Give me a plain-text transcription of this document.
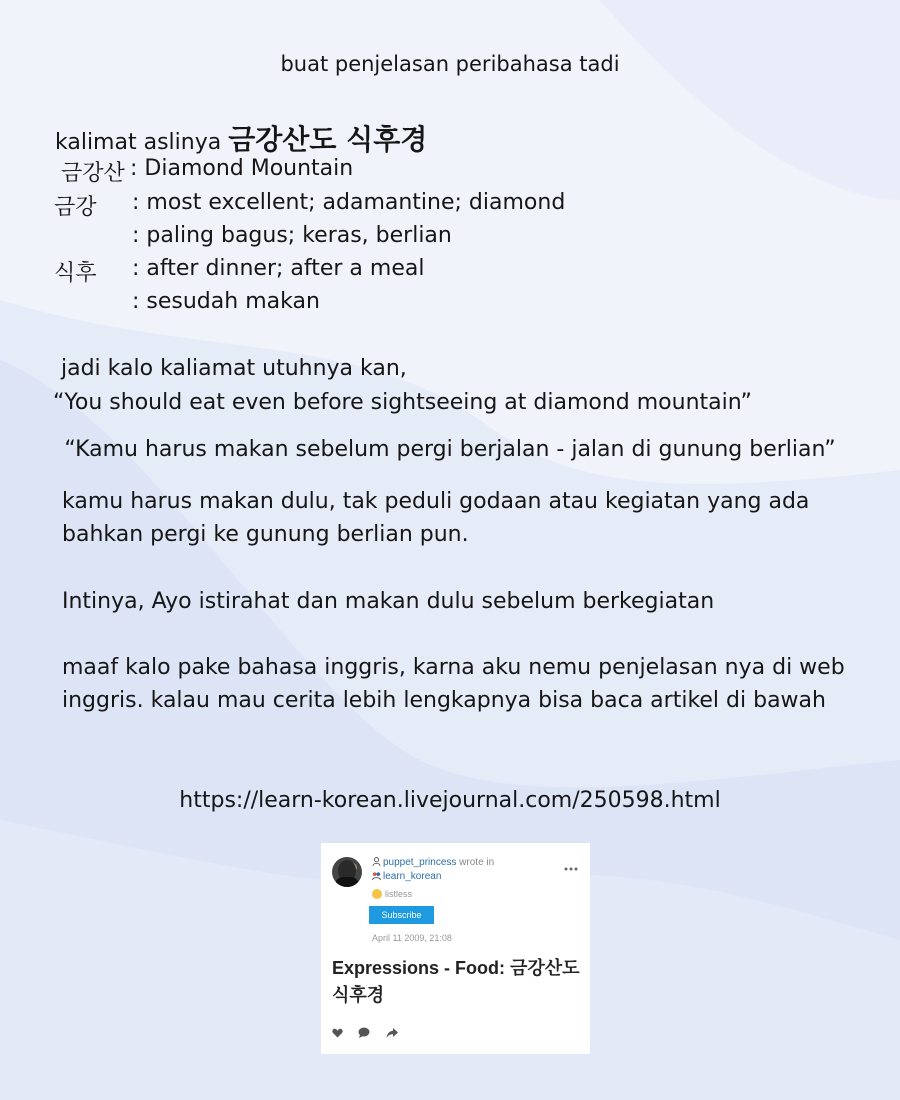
buat penjelasan peribahasa tadi
kalimat aslinya 금강산도 식후경
금강산 : Diamond Mountain
금강 : most excellent; adamantine; diamond
: paling bagus; keras, berlian
식후 : after dinner; after a meal
: sesudah makan
jadi kalo kaliamat utuhnya kan,
“You should eat even before sightseeing at diamond mountain”
“Kamu harus makan sebelum pergi berjalan - jalan di gunung berlian”
kamu harus makan dulu, tak peduli godaan atau kegiatan yang ada bahkan pergi ke gunung berlian pun.
Intinya, Ayo istirahat dan makan dulu sebelum berkegiatan
maaf kalo pake bahasa inggris, karna aku nemu penjelasan nya di web inggris. kalau mau cerita lebih lengkapnya bisa baca artikel di bawah
https://learn-korean.livejournal.com/250598.html
puppet_princess wrote in
learn_korean
listless
Subscribe
April 11 2009, 21:08
Expressions - Food: 금강산도 식후경
